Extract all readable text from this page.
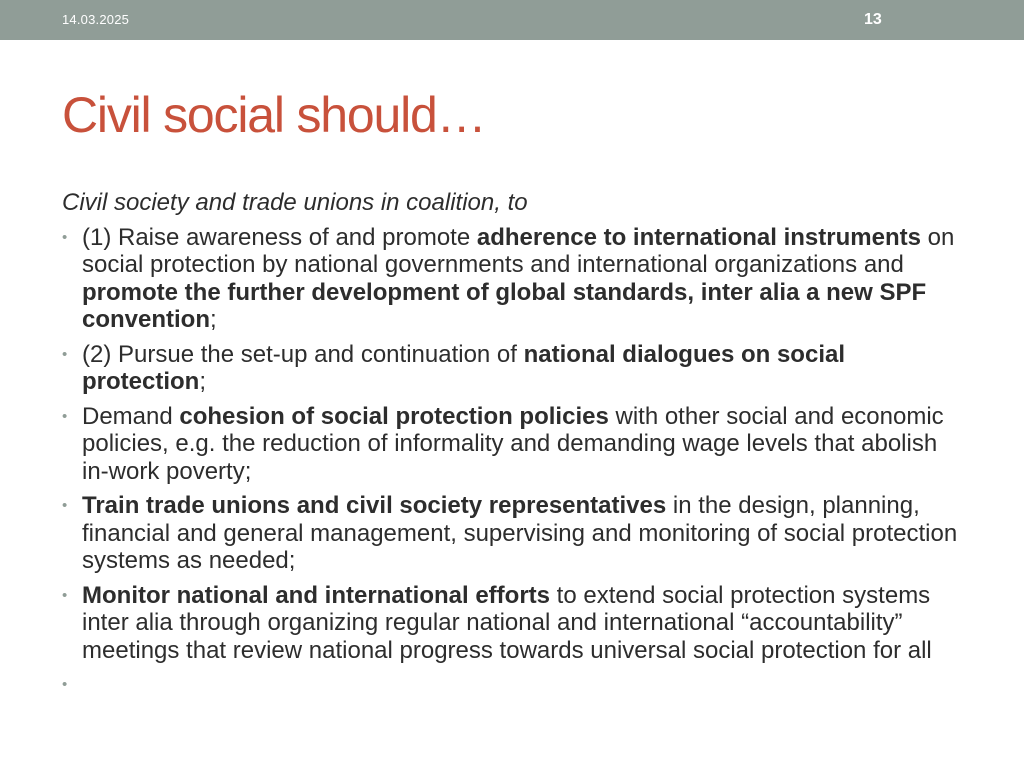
14.03.2025	13
Civil social should…

Civil society and trade unions in coalition, to

• (1) Raise awareness of and promote adherence to international instruments on social protection by national governments and international organizations and promote the further development of global standards, inter alia a new SPF convention;
• (2) Pursue the set-up and continuation of national dialogues on social protection;
• Demand cohesion of social protection policies with other social and economic policies, e.g. the reduction of informality and demanding wage levels that abolish in-work poverty;
• Train trade unions and civil society representatives in the design, planning, financial and general management, supervising and monitoring of social protection systems as needed;
• Monitor national and international efforts to extend social protection systems inter alia through organizing regular national and international “accountability” meetings that review national progress towards universal social protection for all
•
